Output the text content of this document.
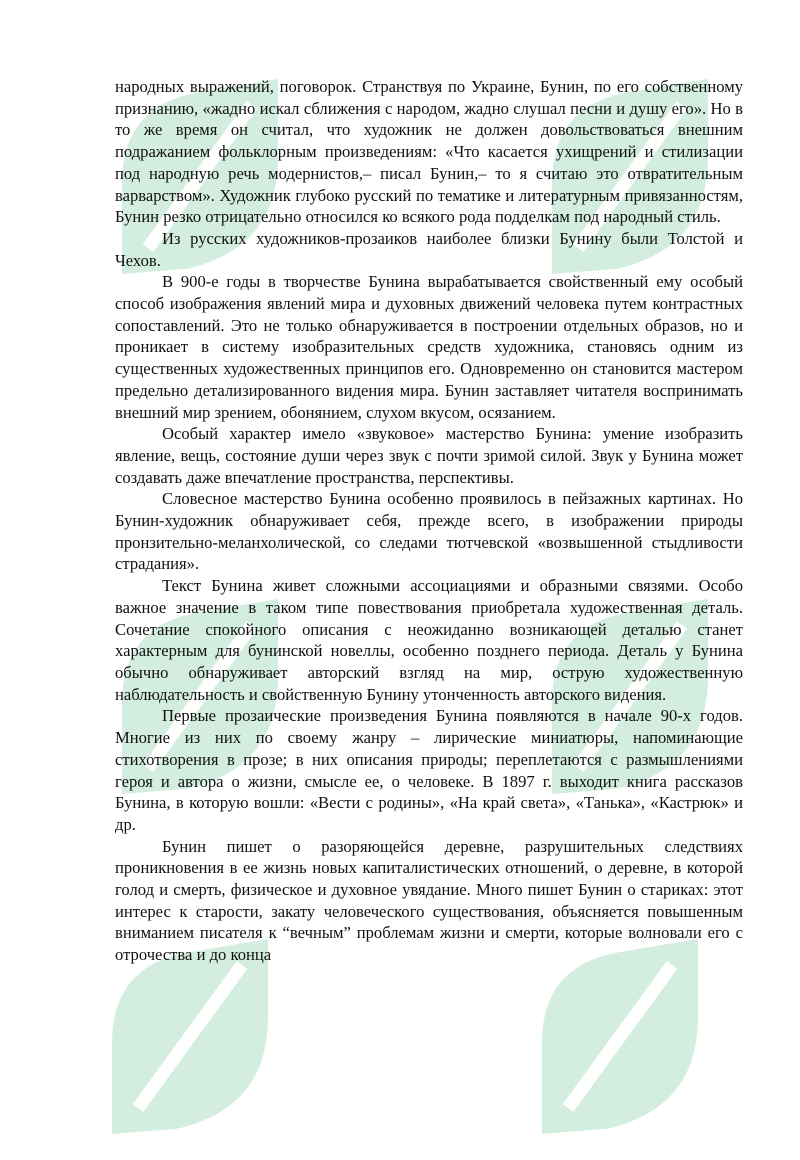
народных выражений, поговорок. Странствуя по Украине, Бунин, по его собственному признанию, «жадно искал сближения с народом, жадно слушал песни и душу его». Но в то же время он считал, что художник не должен довольствоваться внешним подражанием фольклорным произведениям: «Что касается ухищрений и стилизации под народную речь модернистов,– писал Бунин,– то я считаю это отвратительным варварством». Художник глубоко русский по тематике и литературным привязанностям, Бунин резко отрицательно относился ко всякого рода подделкам под народный стиль.

Из русских художников-прозаиков наиболее близки Бунину были Толстой и Чехов.

В 900-е годы в творчестве Бунина вырабатывается свойственный ему особый способ изображения явлений мира и духовных движений человека путем контрастных сопоставлений. Это не только обнаруживается в построении отдельных образов, но и проникает в систему изобразительных средств художника, становясь одним из существенных художественных принципов его. Одновременно он становится мастером предельно детализированного видения мира. Бунин заставляет читателя воспринимать внешний мир зрением, обонянием, слухом вкусом, осязанием.

Особый характер имело «звуковое» мастерство Бунина: умение изобразить явление, вещь, состояние души через звук с почти зримой силой. Звук у Бунина может создавать даже впечатление пространства, перспективы.

Словесное мастерство Бунина особенно проявилось в пейзажных картинах. Но Бунин-художник обнаруживает себя, прежде всего, в изображении природы пронзительно-меланхолической, со следами тютчевской «возвышенной стыдливости страдания».

Текст Бунина живет сложными ассоциациями и образными связями. Особо важное значение в таком типе повествования приобретала художественная деталь. Сочетание спокойного описания с неожиданно возникающей деталью станет характерным для бунинской новеллы, особенно позднего периода. Деталь у Бунина обычно обнаруживает авторский взгляд на мир, острую художественную наблюдательность и свойственную Бунину утонченность авторского видения.

Первые прозаические произведения Бунина появляются в начале 90-х годов. Многие из них по своему жанру – лирические миниатюры, напоминающие стихотворения в прозе; в них описания природы; переплетаются с размышлениями героя и автора о жизни, смысле ее, о человеке. В 1897 г. выходит книга рассказов Бунина, в которую вошли: «Вести с родины», «На край света», «Танька», «Кастрюк» и др.

Бунин пишет о разоряющейся деревне, разрушительных следствиях проникновения в ее жизнь новых капиталистических отношений, о деревне, в которой голод и смерть, физическое и духовное увядание. Много пишет Бунин о стариках: этот интерес к старости, закату человеческого существования, объясняется повышенным вниманием писателя к “вечным” проблемам жизни и смерти, которые волновали его с отрочества и до конца
